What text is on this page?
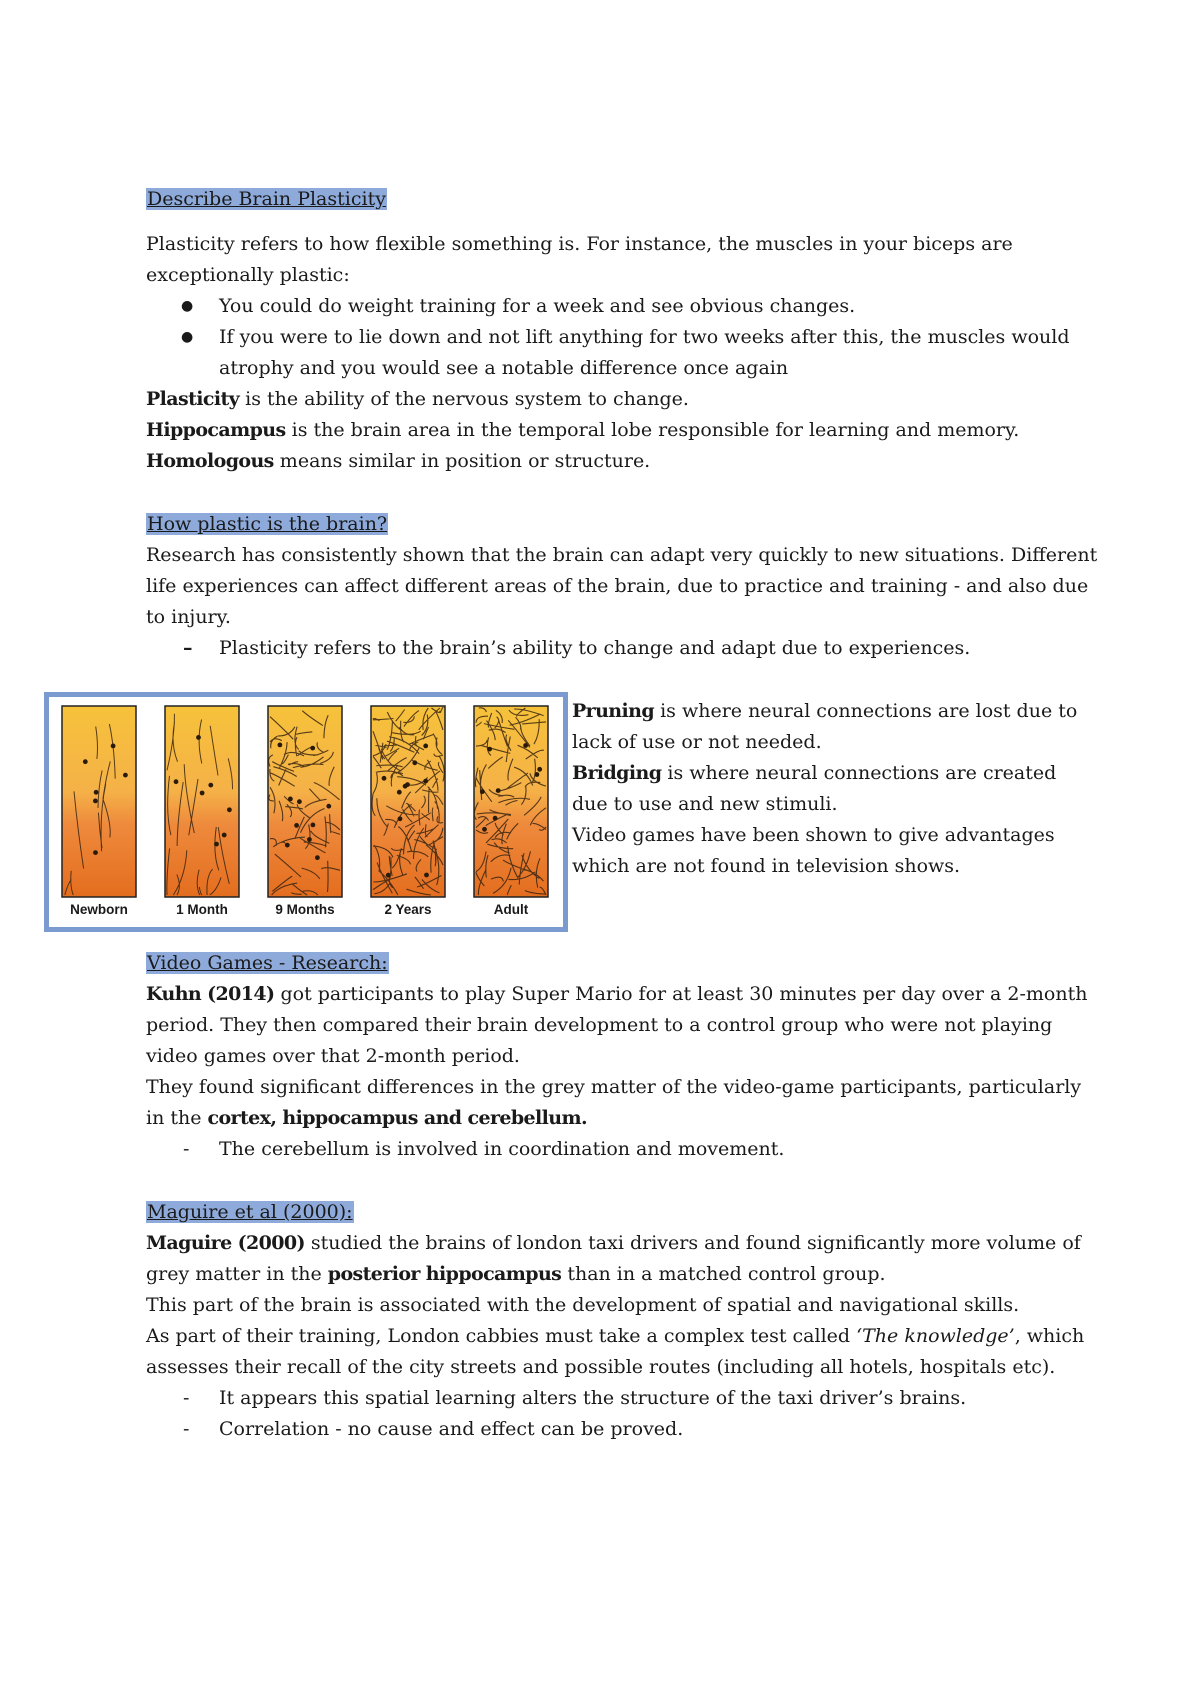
Describe Brain Plasticity
Plasticity refers to how flexible something is. For instance, the muscles in your biceps are
exceptionally plastic:
● You could do weight training for a week and see obvious changes.
● If you were to lie down and not lift anything for two weeks after this, the muscles would
atrophy and you would see a notable difference once again
Plasticity is the ability of the nervous system to change.
Hippocampus is the brain area in the temporal lobe responsible for learning and memory.
Homologous means similar in position or structure.
How plastic is the brain?
Research has consistently shown that the brain can adapt very quickly to new situations. Different
life experiences can affect different areas of the brain, due to practice and training - and also due
to injury.
– Plasticity refers to the brain’s ability to change and adapt due to experiences.
Newborn	1 Month	9 Months	2 Years	Adult
Pruning is where neural connections are lost due to
lack of use or not needed.
Bridging is where neural connections are created
due to use and new stimuli.
Video games have been shown to give advantages
which are not found in television shows.
Video Games - Research:
Kuhn (2014) got participants to play Super Mario for at least 30 minutes per day over a 2-month
period. They then compared their brain development to a control group who were not playing
video games over that 2-month period.
They found significant differences in the grey matter of the video-game participants, particularly
in the cortex, hippocampus and cerebellum.
- The cerebellum is involved in coordination and movement.
Maguire et al (2000):
Maguire (2000) studied the brains of london taxi drivers and found significantly more volume of
grey matter in the posterior hippocampus than in a matched control group.
This part of the brain is associated with the development of spatial and navigational skills.
As part of their training, London cabbies must take a complex test called ‘The knowledge’, which
assesses their recall of the city streets and possible routes (including all hotels, hospitals etc).
- It appears this spatial learning alters the structure of the taxi driver’s brains.
- Correlation - no cause and effect can be proved.
